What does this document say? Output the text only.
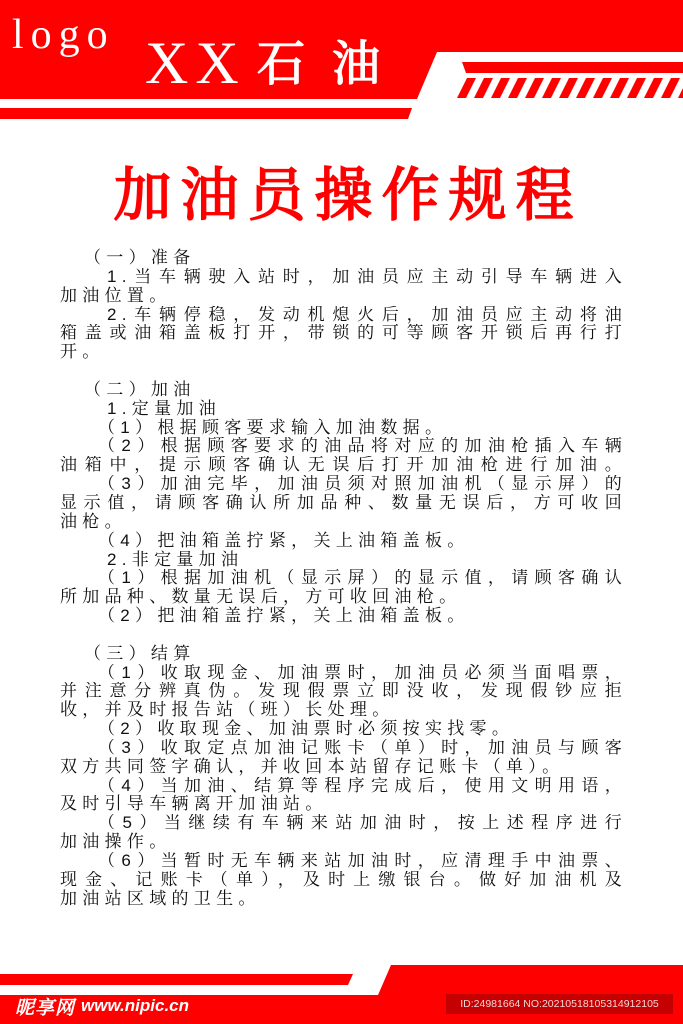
logo XX 石油
加油员操作规程
（一）准备
1.当车辆驶入站时，加油员应主动引导车辆进入
加油位置。
2.车辆停稳，发动机熄火后，加油员应主动将油
箱盖或油箱盖板打开，带锁的可等顾客开锁后再行打
开。
（二）加油
1.定量加油
（1）根据顾客要求输入加油数据。
（2）根据顾客要求的油品将对应的加油枪插入车辆
油箱中，提示顾客确认无误后打开加油枪进行加油。
（3）加油完毕，加油员须对照加油机（显示屏）的
显示值，请顾客确认所加品种、数量无误后，方可收回
油枪。
（4）把油箱盖拧紧，关上油箱盖板。
2.非定量加油
（1）根据加油机（显示屏）的显示值，请顾客确认
所加品种、数量无误后，方可收回油枪。
（2）把油箱盖拧紧，关上油箱盖板。
（三）结算
（1）收取现金、加油票时，加油员必须当面唱票，
并注意分辨真伪。发现假票立即没收，发现假钞应拒
收，并及时报告站（班）长处理。
（2）收取现金、加油票时必须按实找零。
（3）收取定点加油记账卡（单）时，加油员与顾客
双方共同签字确认，并收回本站留存记账卡（单）。
（4）当加油、结算等程序完成后，使用文明用语，
及时引导车辆离开加油站。
（5）当继续有车辆来站加油时，按上述程序进行
加油操作。
（6）当暂时无车辆来站加油时，应清理手中油票、
现金、记账卡（单），及时上缴银台。做好加油机及
加油站区域的卫生。
昵享网 www.nipic.cn	ID:24981664 NO:20210518105314912105
